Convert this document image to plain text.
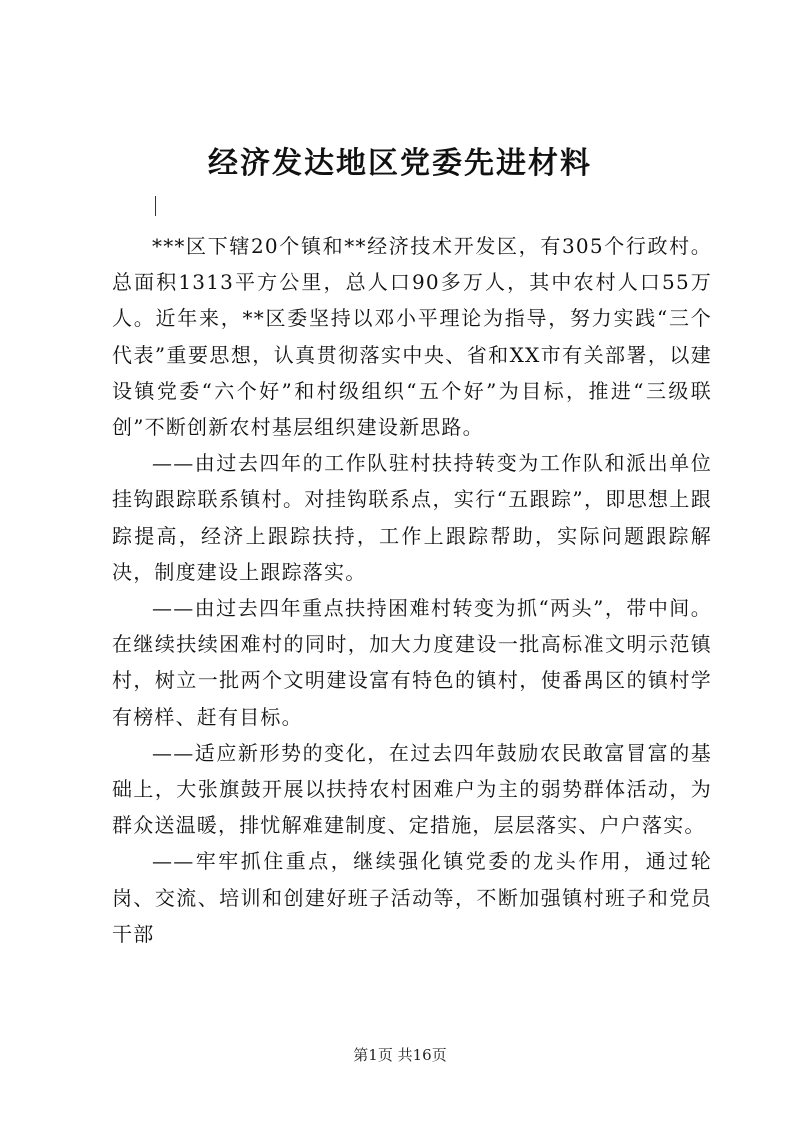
经济发达地区党委先进材料

***区下辖20个镇和**经济技术开发区，有305个行政村。总面积1313平方公里，总人口90多万人，其中农村人口55万人。近年来，**区委坚持以邓小平理论为指导，努力实践“三个代表”重要思想，认真贯彻落实中央、省和XX市有关部署，以建设镇党委“六个好”和村级组织“五个好”为目标，推进“三级联创”不断创新农村基层组织建设新思路。

——由过去四年的工作队驻村扶持转变为工作队和派出单位挂钩跟踪联系镇村。对挂钩联系点，实行“五跟踪”，即思想上跟踪提高，经济上跟踪扶持，工作上跟踪帮助，实际问题跟踪解决，制度建设上跟踪落实。

——由过去四年重点扶持困难村转变为抓“两头”，带中间。在继续扶续困难村的同时，加大力度建设一批高标准文明示范镇村，树立一批两个文明建设富有特色的镇村，使番禺区的镇村学有榜样、赶有目标。

——适应新形势的变化，在过去四年鼓励农民敢富冒富的基础上，大张旗鼓开展以扶持农村困难户为主的弱势群体活动，为群众送温暖，排忧解难建制度、定措施，层层落实、户户落实。

——牢牢抓住重点，继续强化镇党委的龙头作用，通过轮岗、交流、培训和创建好班子活动等，不断加强镇村班子和党员干部

第1页 共16页
